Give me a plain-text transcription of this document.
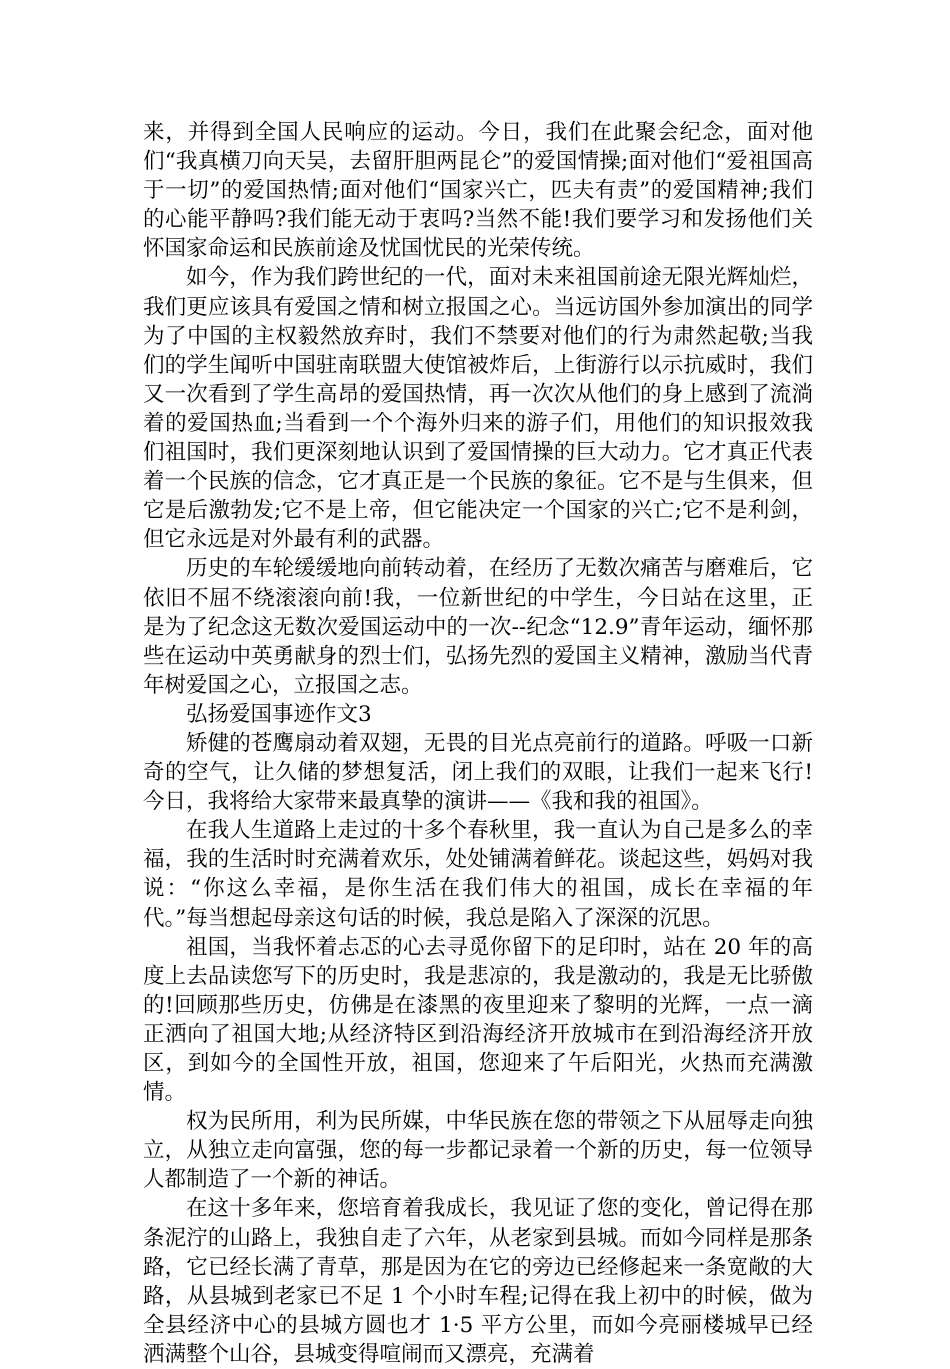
来，并得到全国人民响应的运动。今日，我们在此聚会纪念，面对他们“我真横刀向天吴，去留肝胆两昆仑”的爱国情操;面对他们“爱祖国高于一切”的爱国热情;面对他们“国家兴亡，匹夫有责”的爱国精神;我们的心能平静吗?我们能无动于衷吗?当然不能!我们要学习和发扬他们关怀国家命运和民族前途及忧国忧民的光荣传统。

如今，作为我们跨世纪的一代，面对未来祖国前途无限光辉灿烂，我们更应该具有爱国之情和树立报国之心。当远访国外参加演出的同学为了中国的主权毅然放弃时，我们不禁要对他们的行为肃然起敬;当我们的学生闻听中国驻南联盟大使馆被炸后，上街游行以示抗威时，我们又一次看到了学生高昂的爱国热情，再一次次从他们的身上感到了流淌着的爱国热血;当看到一个个海外归来的游子们，用他们的知识报效我们祖国时，我们更深刻地认识到了爱国情操的巨大动力。它才真正代表着一个民族的信念，它才真正是一个民族的象征。它不是与生俱来，但它是后激勃发;它不是上帝，但它能决定一个国家的兴亡;它不是利剑，但它永远是对外最有利的武器。

历史的车轮缓缓地向前转动着，在经历了无数次痛苦与磨难后，它依旧不屈不绕滚滚向前!我，一位新世纪的中学生，今日站在这里，正是为了纪念这无数次爱国运动中的一次--纪念“12.9”青年运动，缅怀那些在运动中英勇献身的烈士们，弘扬先烈的爱国主义精神，激励当代青年树爱国之心，立报国之志。

弘扬爱国事迹作文3

矫健的苍鹰扇动着双翅，无畏的目光点亮前行的道路。呼吸一口新奇的空气，让久储的梦想复活，闭上我们的双眼，让我们一起来飞行!今日，我将给大家带来最真挚的演讲——《我和我的祖国》。

在我人生道路上走过的十多个春秋里，我一直认为自己是多么的幸福，我的生活时时充满着欢乐，处处铺满着鲜花。谈起这些，妈妈对我说：“你这么幸福，是你生活在我们伟大的祖国，成长在幸福的年代。”每当想起母亲这句话的时候，我总是陷入了深深的沉思。

祖国，当我怀着忐忑的心去寻觅你留下的足印时，站在 20 年的高度上去品读您写下的历史时，我是悲凉的，我是激动的，我是无比骄傲的!回顾那些历史，仿佛是在漆黑的夜里迎来了黎明的光辉，一点一滴正洒向了祖国大地;从经济特区到沿海经济开放城市在到沿海经济开放区，到如今的全国性开放，祖国，您迎来了午后阳光，火热而充满激情。

权为民所用，利为民所媒，中华民族在您的带领之下从屈辱走向独立，从独立走向富强，您的每一步都记录着一个新的历史，每一位领导人都制造了一个新的神话。

在这十多年来，您培育着我成长，我见证了您的变化，曾记得在那条泥泞的山路上，我独自走了六年，从老家到县城。而如今同样是那条路，它已经长满了青草，那是因为在它的旁边已经修起来一条宽敞的大路，从县城到老家已不足 1 个小时车程;记得在我上初中的时候，做为全县经济中心的县城方圆也才 1·5 平方公里，而如今亮丽楼城早已经洒满整个山谷，县城变得喧闹而又漂亮，充满着
